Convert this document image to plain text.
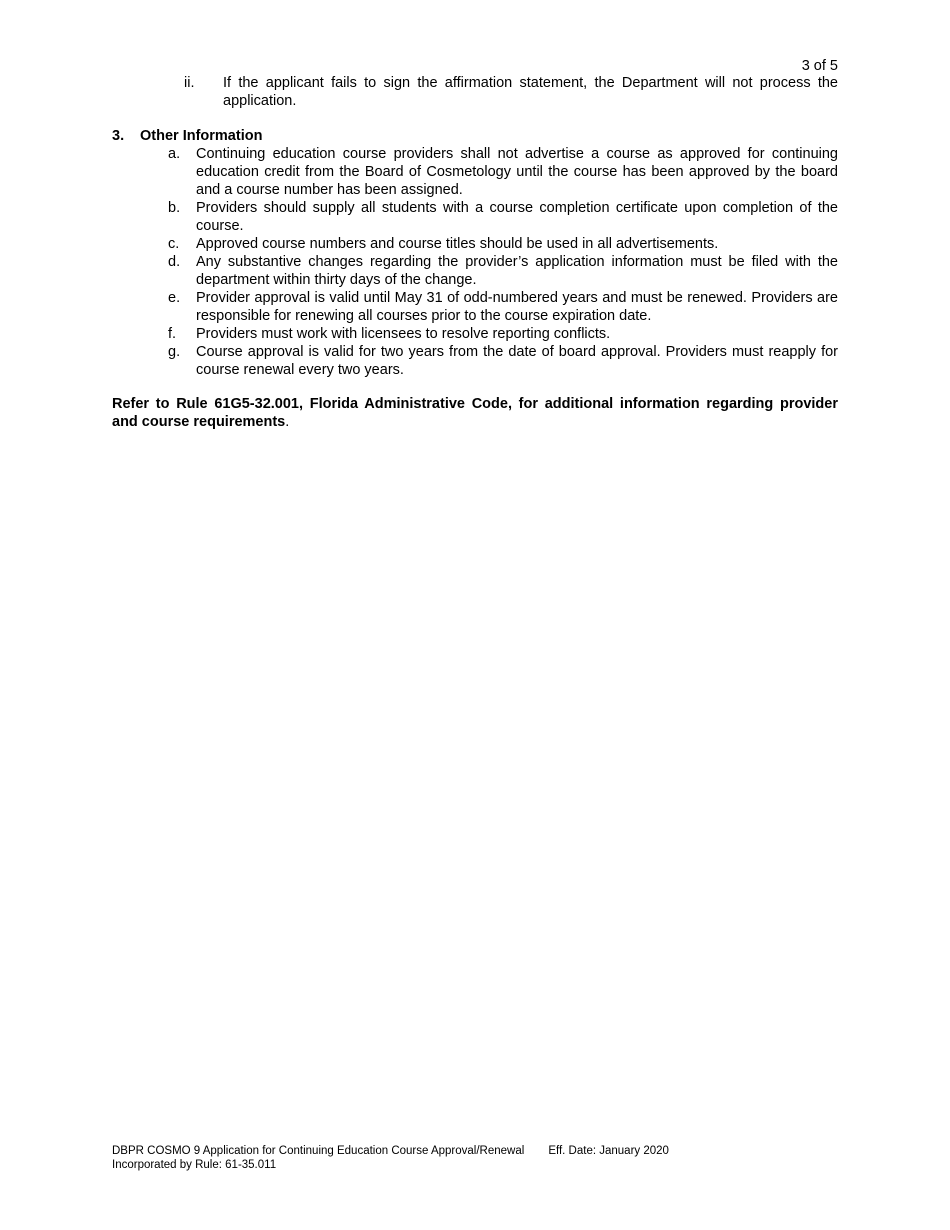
3 of 5
ii.	If the applicant fails to sign the affirmation statement, the Department will not process the application.
3.	Other Information
a.	Continuing education course providers shall not advertise a course as approved for continuing education credit from the Board of Cosmetology until the course has been approved by the board and a course number has been assigned.
b.	Providers should supply all students with a course completion certificate upon completion of the course.
c.	Approved course numbers and course titles should be used in all advertisements.
d.	Any substantive changes regarding the provider’s application information must be filed with the department within thirty days of the change.
e.	Provider approval is valid until May 31 of odd-numbered years and must be renewed. Providers are responsible for renewing all courses prior to the course expiration date.
f.	Providers must work with licensees to resolve reporting conflicts.
g.	Course approval is valid for two years from the date of board approval. Providers must reapply for course renewal every two years.
Refer to Rule 61G5-32.001, Florida Administrative Code, for additional information regarding provider and course requirements.
DBPR COSMO 9 Application for Continuing Education Course Approval/Renewal Eff. Date: January 2020
Incorporated by Rule: 61-35.011
